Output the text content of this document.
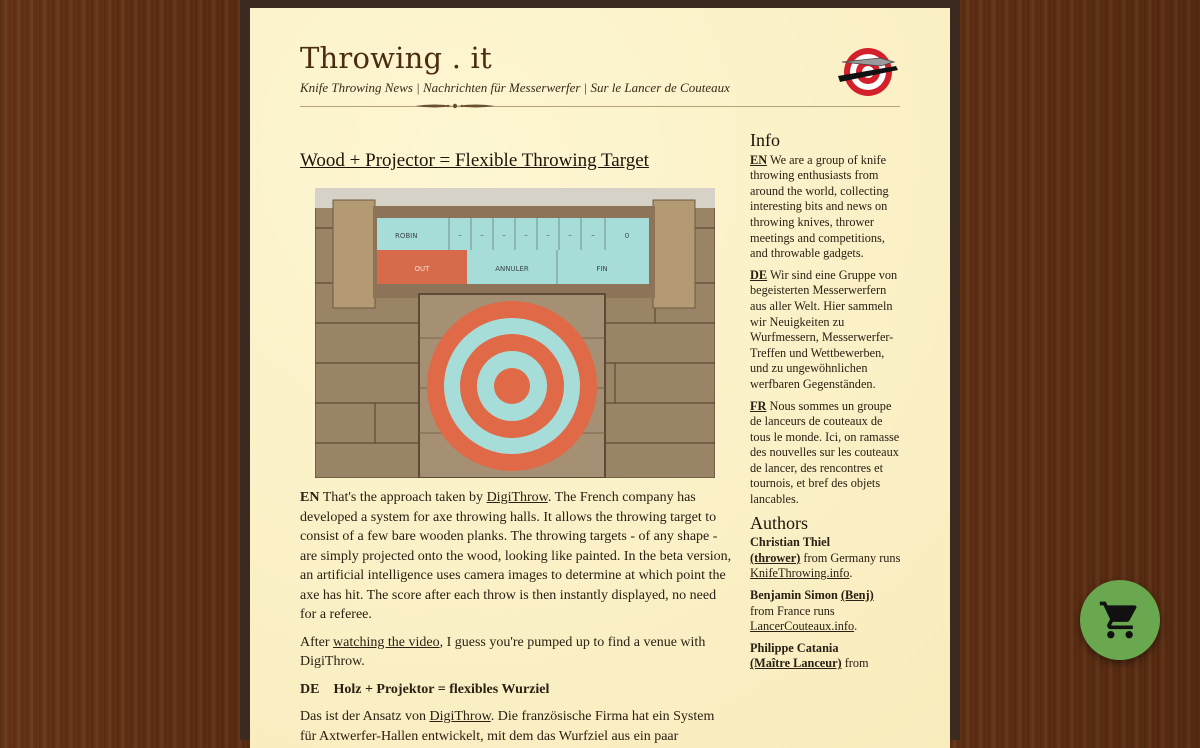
Throwing . it
Knife Throwing News | Nachrichten für Messerwerfer | Sur le Lancer de Couteaux
Wood + Projector = Flexible Throwing Target
ROBIN	–	–	–	–	–	–	–	0
OUT	ANNULER	FIN

EN That's the approach taken by DigiThrow. The French company has developed a system for axe throwing halls. It allows the throwing target to consist of a few bare wooden planks. The throwing targets - of any shape - are simply projected onto the wood, looking like painted. In the beta version, an artificial intelligence uses camera images to determine at which point the axe has hit. The score after each throw is then instantly displayed, no need for a referee.

After watching the video, I guess you're pumped up to find a venue with DigiThrow.

DE Holz + Projektor = flexibles Wurziel

Das ist der Ansatz von DigiThrow. Die französische Firma hat ein System für Axtwerfer-Hallen entwickelt, mit dem das Wurfziel aus ein paar

Info

EN We are a group of knife throwing enthusiasts from around the world, collecting interesting bits and news on throwing knives, thrower meetings and competitions, and throwable gadgets.

DE Wir sind eine Gruppe von begeisterten Messerwerfern aus aller Welt. Hier sammeln wir Neuigkeiten zu Wurfmessern, Messerwerfer-Treffen und Wettbewerben, und zu ungewöhnlichen werfbaren Gegenständen.

FR Nous sommes un groupe de lanceurs de couteaux de tous le monde. Ici, on ramasse des nouvelles sur les couteaux de lancer, des rencontres et tournois, et bref des objets lancables.

Authors

Christian Thiel
(thrower) from Germany runs KnifeThrowing.info.

Benjamin Simon (Benj)
from France runs LancerCouteaux.info.

Philippe Catania
(Maître Lanceur) from
